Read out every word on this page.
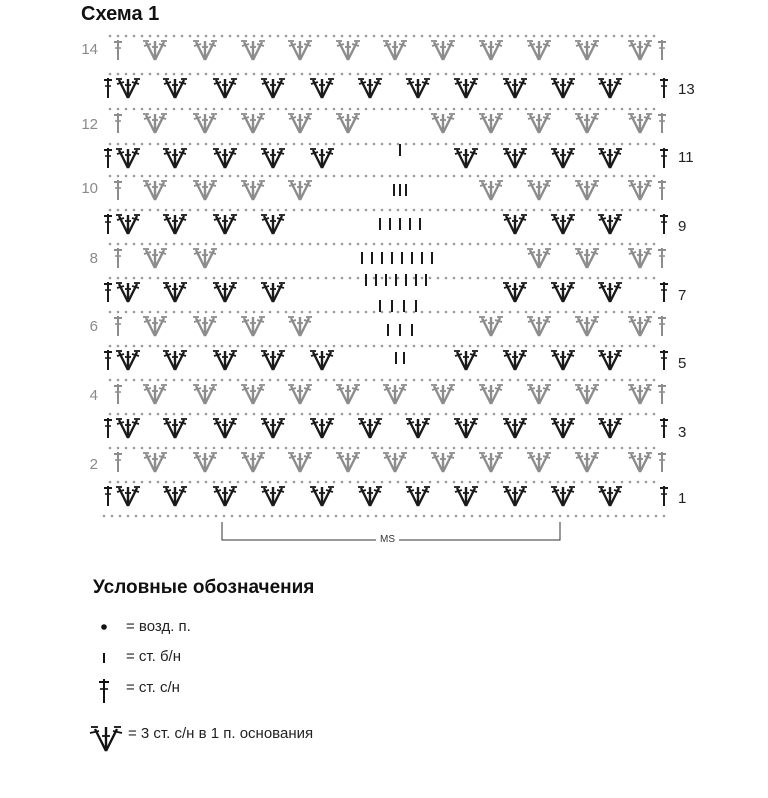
Схема 1
14
12
10
8
6
4
2
13
11
9
7
5
3
1
MS
Условные обозначения
= возд. п.
= ст. б/н
= ст. с/н
= 3 ст. с/н в 1 п. основания
